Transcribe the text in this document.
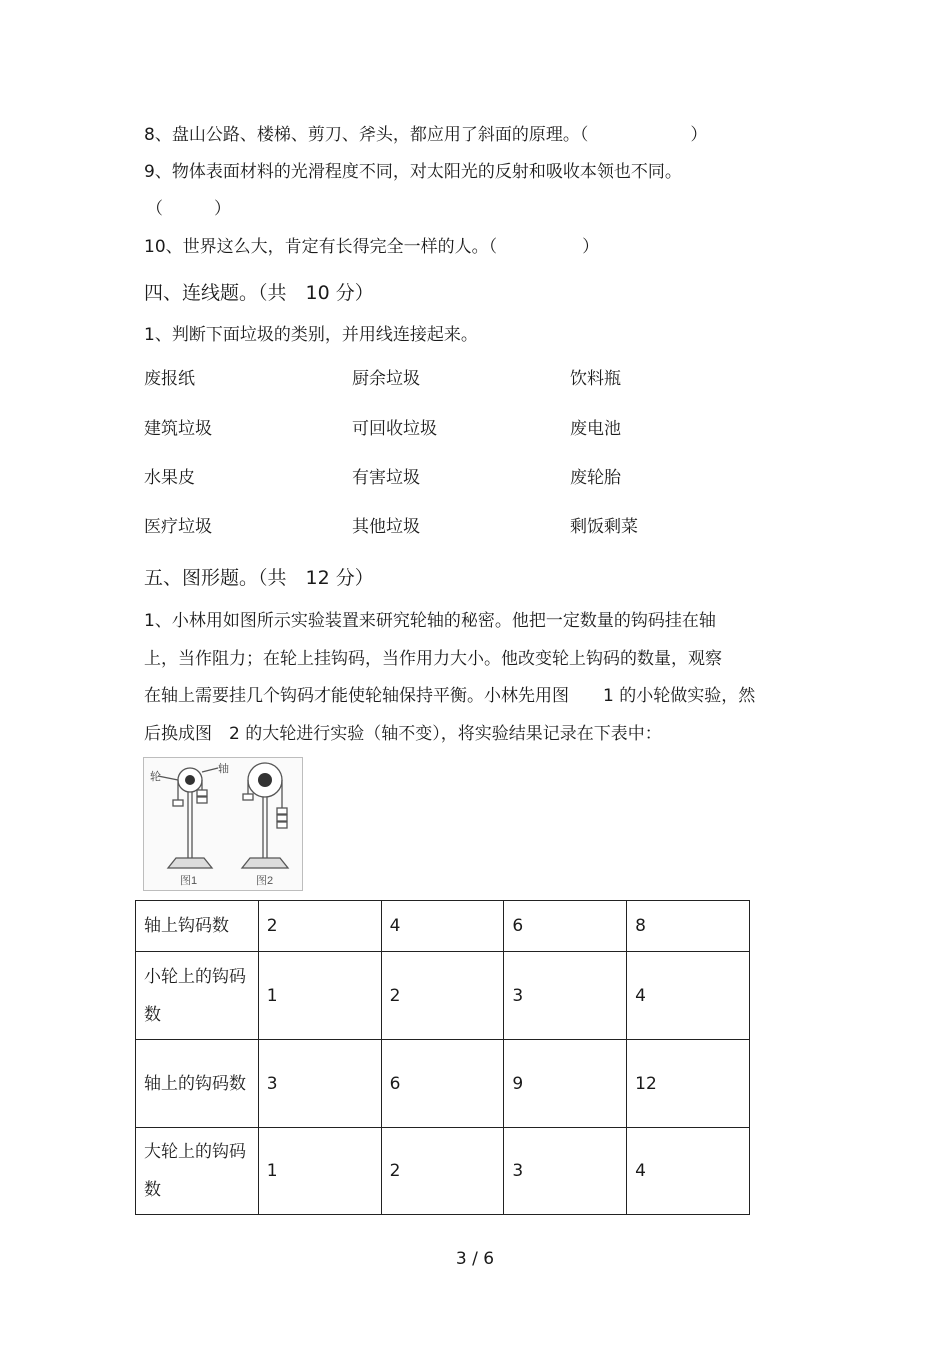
8、盘山公路、楼梯、剪刀、斧头，都应用了斜面的原理。（　　　　　　）
9、物体表面材料的光滑程度不同，对太阳光的反射和吸收本领也不同。
（　　　）
10、世界这么大，肯定有长得完全一样的人。（　　　　　）
四、连线题。（共　10 分）
1、判断下面垃圾的类别，并用线连接起来。
废报纸	厨余垃圾	饮料瓶
建筑垃圾	可回收垃圾	废电池
水果皮	有害垃圾	废轮胎
医疗垃圾	其他垃圾	剩饭剩菜
五、图形题。（共　12 分）
1、小林用如图所示实验装置来研究轮轴的秘密。他把一定数量的钩码挂在轴
上，当作阻力；在轮上挂钩码，当作用力大小。他改变轮上钩码的数量，观察
在轴上需要挂几个钩码才能使轮轴保持平衡。小林先用图　　1 的小轮做实验，然
后换成图　2 的大轮进行实验（轴不变），将实验结果记录在下表中：
轮
轴
图1	图2
轴上钩码数	2	4	6	8
小轮上的钩码数	1	2	3	4
轴上的钩码数	3	6	9	12
大轮上的钩码数	1	2	3	4
3 / 6
